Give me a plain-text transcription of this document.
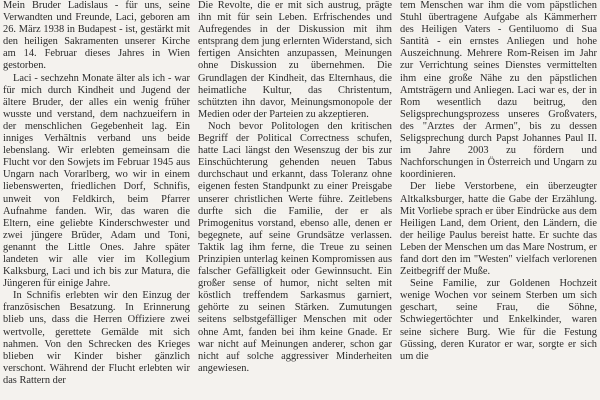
Mein Bruder Ladislaus - für uns, seine Verwandten und Freunde, Laci, geboren am 26. März 1938 in Budapest - ist, gestärkt mit den heiligen Sakramenten unserer Kirche am 14. Februar dieses Jahres in Wien gestorben.

Laci - sechzehn Monate älter als ich - war für mich durch Kindheit und Jugend der ältere Bruder, der alles ein wenig früher wusste und verstand, dem nachzueifern in der menschlichen Gegebenheit lag. Ein inniges Verhältnis verband uns beide lebenslang. Wir erlebten gemeinsam die Flucht vor den Sowjets im Februar 1945 aus Ungarn nach Vorarlberg, wo wir in einem liebenswerten, friedlichen Dorf, Schnifis, unweit von Feldkirch, beim Pfarrer Aufnahme fanden. Wir, das waren die Eltern, eine geliebte Kinderschwester und zwei jüngere Brüder, Adam und Toni, genannt the Little Ones. Jahre später landeten wir alle vier im Kollegium Kalksburg, Laci und ich bis zur Matura, die Jüngeren für einige Jahre.

In Schnifis erlebten wir den Einzug der französischen Besatzung. In Erinnerung blieb uns, dass die Herren Offiziere zwei wertvolle, gerettete Gemälde mit sich nahmen. Von den Schrecken des Krieges blieben wir Kinder bisher gänzlich verschont. Während der Flucht erlebten wir das Rattern der

Die Revolte, die er mit sich austrug, prägte ihn mit für sein Leben. Erfrischendes und Aufregendes in der Diskussion mit ihm entsprang dem jung erlernten Widerstand, sich fertigen Ansichten anzupassen, Meinungen ohne Diskussion zu übernehmen. Die Grundlagen der Kindheit, das Elternhaus, die heimatliche Kultur, das Christentum, schützten ihn davor, Meinungsmonopole der Medien oder der Parteien zu akzeptieren.

Noch bevor Politologen den kritischen Begriff der Political Correctness schufen, hatte Laci längst den Wesenszug der bis zur Einschüchterung gehenden neuen Tabus durchschaut und erkannt, dass Toleranz ohne eigenen festen Standpunkt zu einer Preisgabe unserer christlichen Werte führe. Zeitlebens durfte sich die Familie, der er als Primogenitus vorstand, ebenso alle, denen er begegnete, auf seine Grundsätze verlassen. Taktik lag ihm ferne, die Treue zu seinen Prinzipien unterlag keinen Kompromissen aus falscher Gefälligkeit oder Gewinnsucht. Ein großer sense of humor, nicht selten mit köstlich treffendem Sarkasmus garniert, gehörte zu seinen Stärken. Zumutungen seitens selbstgefälliger Menschen mit oder ohne Amt, fanden bei ihm keine Gnade. Er war nicht auf Meinungen anderer, schon gar nicht auf solche aggressiver Minderheiten angewiesen.

tem Menschen war ihm die vom päpstlichen Stuhl übertragene Aufgabe als Kämmerherr des Heiligen Vaters - Gentiluomo di Sua Santità - ein ernstes Anliegen und hohe Auszeichnung. Mehrere Rom-Reisen im Jahr zur Verrichtung seines Dienstes vermittelten ihm eine große Nähe zu den päpstlichen Amtsträgern und Anliegen. Laci war es, der in Rom wesentlich dazu beitrug, den Seligsprechungsprozess unseres Großvaters, des "Arztes der Armen", bis zu dessen Seligsprechung durch Papst Johannes Paul II. im Jahre 2003 zu fördern und Nachforschungen in Österreich und Ungarn zu koordinieren.

Der liebe Verstorbene, ein überzeugter Altkalksburger, hatte die Gabe der Erzählung. Mit Vorliebe sprach er über Eindrücke aus dem Heiligen Land, dem Orient, den Ländern, die der heilige Paulus bereist hatte. Er suchte das Leben der Menschen um das Mare Nostrum, er fand dort den im "Westen" vielfach verlorenen Zeitbegriff der Muße.

Seine Familie, zur Goldenen Hochzeit wenige Wochen vor seinem Sterben um sich geschart, seine Frau, die Söhne, Schwiegertöchter und Enkelkinder, waren seine sichere Burg. Wie für die Festung Güssing, deren Kurator er war, sorgte er sich um die
